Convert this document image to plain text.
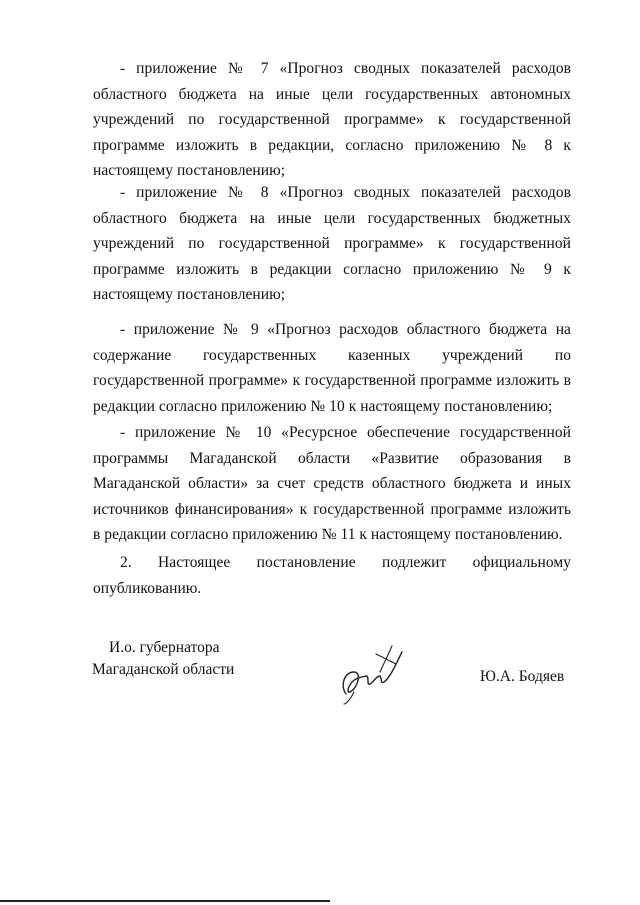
- приложение № 7 «Прогноз сводных показателей расходов областного бюджета на иные цели государственных автономных учреждений по государственной программе» к государственной программе изложить в редакции, согласно приложению № 8 к настоящему постановлению;

- приложение № 8 «Прогноз сводных показателей расходов областного бюджета на иные цели государственных бюджетных учреждений по государственной программе» к государственной программе изложить в редакции согласно приложению № 9 к настоящему постановлению;

- приложение № 9 «Прогноз расходов областного бюджета на содержание государственных казенных учреждений по государственной программе» к государственной программе изложить в редакции согласно приложению № 10 к настоящему постановлению;

- приложение № 10 «Ресурсное обеспечение государственной программы Магаданской области «Развитие образования в Магаданской области» за счет средств областного бюджета и иных источников финансирования» к государственной программе изложить в редакции согласно приложению № 11 к настоящему постановлению.

2. Настоящее постановление подлежит официальному опубликованию.

И.о. губернатора
Магаданской области	Ю.А. Бодяев
